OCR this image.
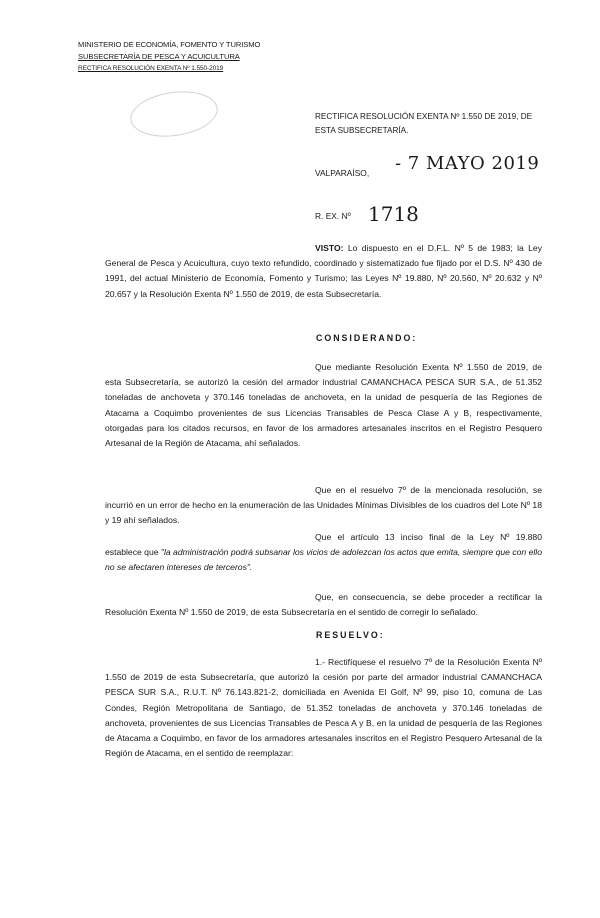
MINISTERIO DE ECONOMÍA, FOMENTO Y TURISMO
SUBSECRETARÍA DE PESCA Y ACUICULTURA
RECTIFICA RESOLUCIÓN EXENTA Nº 1.550-2019
RECTIFICA RESOLUCIÓN EXENTA Nº 1.550 DE 2019, DE ESTA SUBSECRETARÍA.
VALPARAÍSO, - 7 MAYO 2019
R. EX. Nº 1718
VISTO: Lo dispuesto en el D.F.L. Nº 5 de 1983; la Ley General de Pesca y Acuicultura, cuyo texto refundido, coordinado y sistematizado fue fijado por el D.S. Nº 430 de 1991, del actual Ministerio de Economía, Fomento y Turismo; las Leyes Nº 19.880, Nº 20.560, Nº 20.632 y Nº 20.657 y la Resolución Exenta Nº 1.550 de 2019, de esta Subsecretaría.
CONSIDERANDO:
Que mediante Resolución Exenta Nº 1.550 de 2019, de esta Subsecretaría, se autorizó la cesión del armador industrial CAMANCHACA PESCA SUR S.A., de 51.352 toneladas de anchoveta y 370.146 toneladas de anchoveta, en la unidad de pesquería de las Regiones de Atacama a Coquimbo provenientes de sus Licencias Transables de Pesca Clase A y B, respectivamente, otorgadas para los citados recursos, en favor de los armadores artesanales inscritos en el Registro Pesquero Artesanal de la Región de Atacama, ahí señalados.
Que en el resuelvo 7º de la mencionada resolución, se incurrió en un error de hecho en la enumeración de las Unidades Mínimas Divisibles de los cuadros del Lote Nº 18 y 19 ahí señalados.
Que el artículo 13 inciso final de la Ley Nº 19.880 establece que "la administración podrá subsanar los vicios de adolezcan los actos que emita, siempre que con ello no se afectaren intereses de terceros".
Que, en consecuencia, se debe proceder a rectificar la Resolución Exenta Nº 1.550 de 2019, de esta Subsecretaría en el sentido de corregir lo señalado.
RESUELVO:
1.- Rectifíquese el resuelvo 7º de la Resolución Exenta Nº 1.550 de 2019 de esta Subsecretaría, que autorizó la cesión por parte del armador industrial CAMANCHACA PESCA SUR S.A., R.U.T. Nº 76.143.821-2, domiciliada en Avenida El Golf, Nº 99, piso 10, comuna de Las Condes, Región Metropolitana de Santiago, de 51.352 toneladas de anchoveta y 370.146 toneladas de anchoveta, provenientes de sus Licencias Transables de Pesca A y B, en la unidad de pesquería de las Regiones de Atacama a Coquimbo, en favor de los armadores artesanales inscritos en el Registro Pesquero Artesanal de la Región de Atacama, en el sentido de reemplazar:
